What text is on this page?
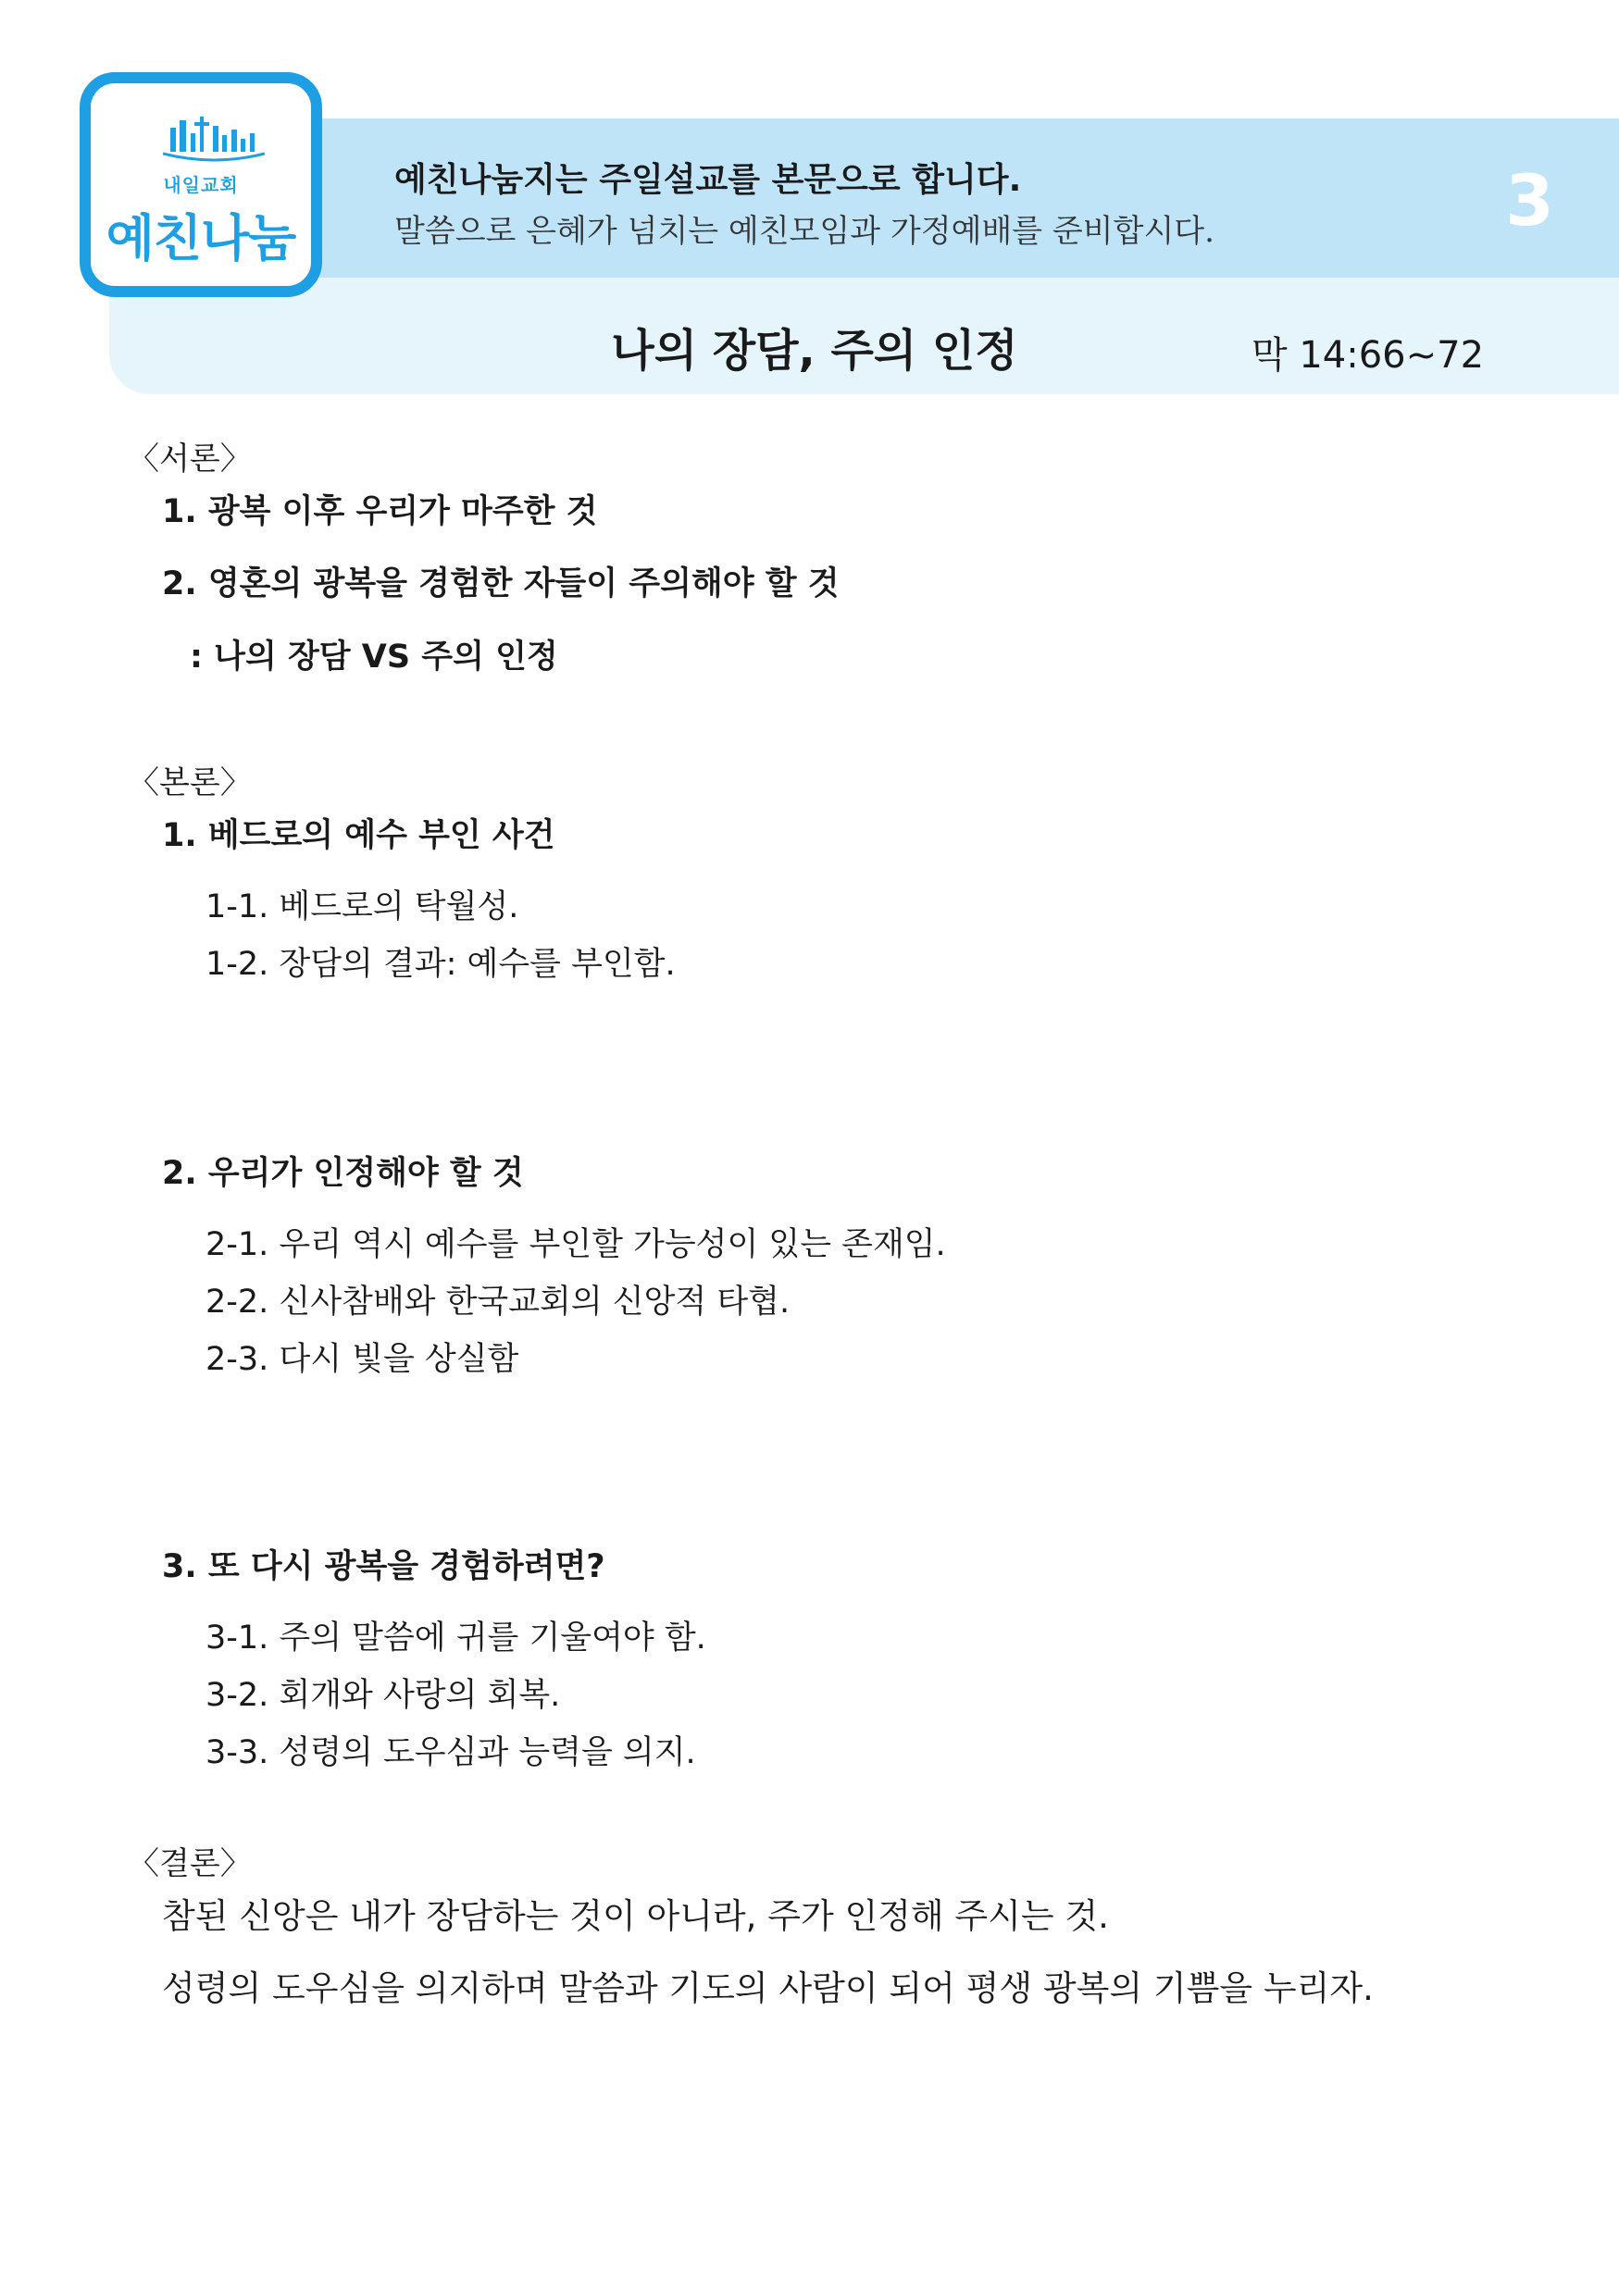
내일교회
예친나눔
예친나눔지는 주일설교를 본문으로 합니다.
말씀으로 은혜가 넘치는 예친모임과 가정예배를 준비합시다.	3
나의 장담, 주의 인정	막 14:66~72
〈서론〉
1. 광복 이후 우리가 마주한 것
2. 영혼의 광복을 경험한 자들이 주의해야 할 것
: 나의 장담 VS 주의 인정
〈본론〉
1. 베드로의 예수 부인 사건
1-1. 베드로의 탁월성.
1-2. 장담의 결과: 예수를 부인함.
2. 우리가 인정해야 할 것
2-1. 우리 역시 예수를 부인할 가능성이 있는 존재임.
2-2. 신사참배와 한국교회의 신앙적 타협.
2-3. 다시 빛을 상실함
3. 또 다시 광복을 경험하려면?
3-1. 주의 말씀에 귀를 기울여야 함.
3-2. 회개와 사랑의 회복.
3-3. 성령의 도우심과 능력을 의지.
〈결론〉
참된 신앙은 내가 장담하는 것이 아니라, 주가 인정해 주시는 것.
성령의 도우심을 의지하며 말씀과 기도의 사람이 되어 평생 광복의 기쁨을 누리자.
